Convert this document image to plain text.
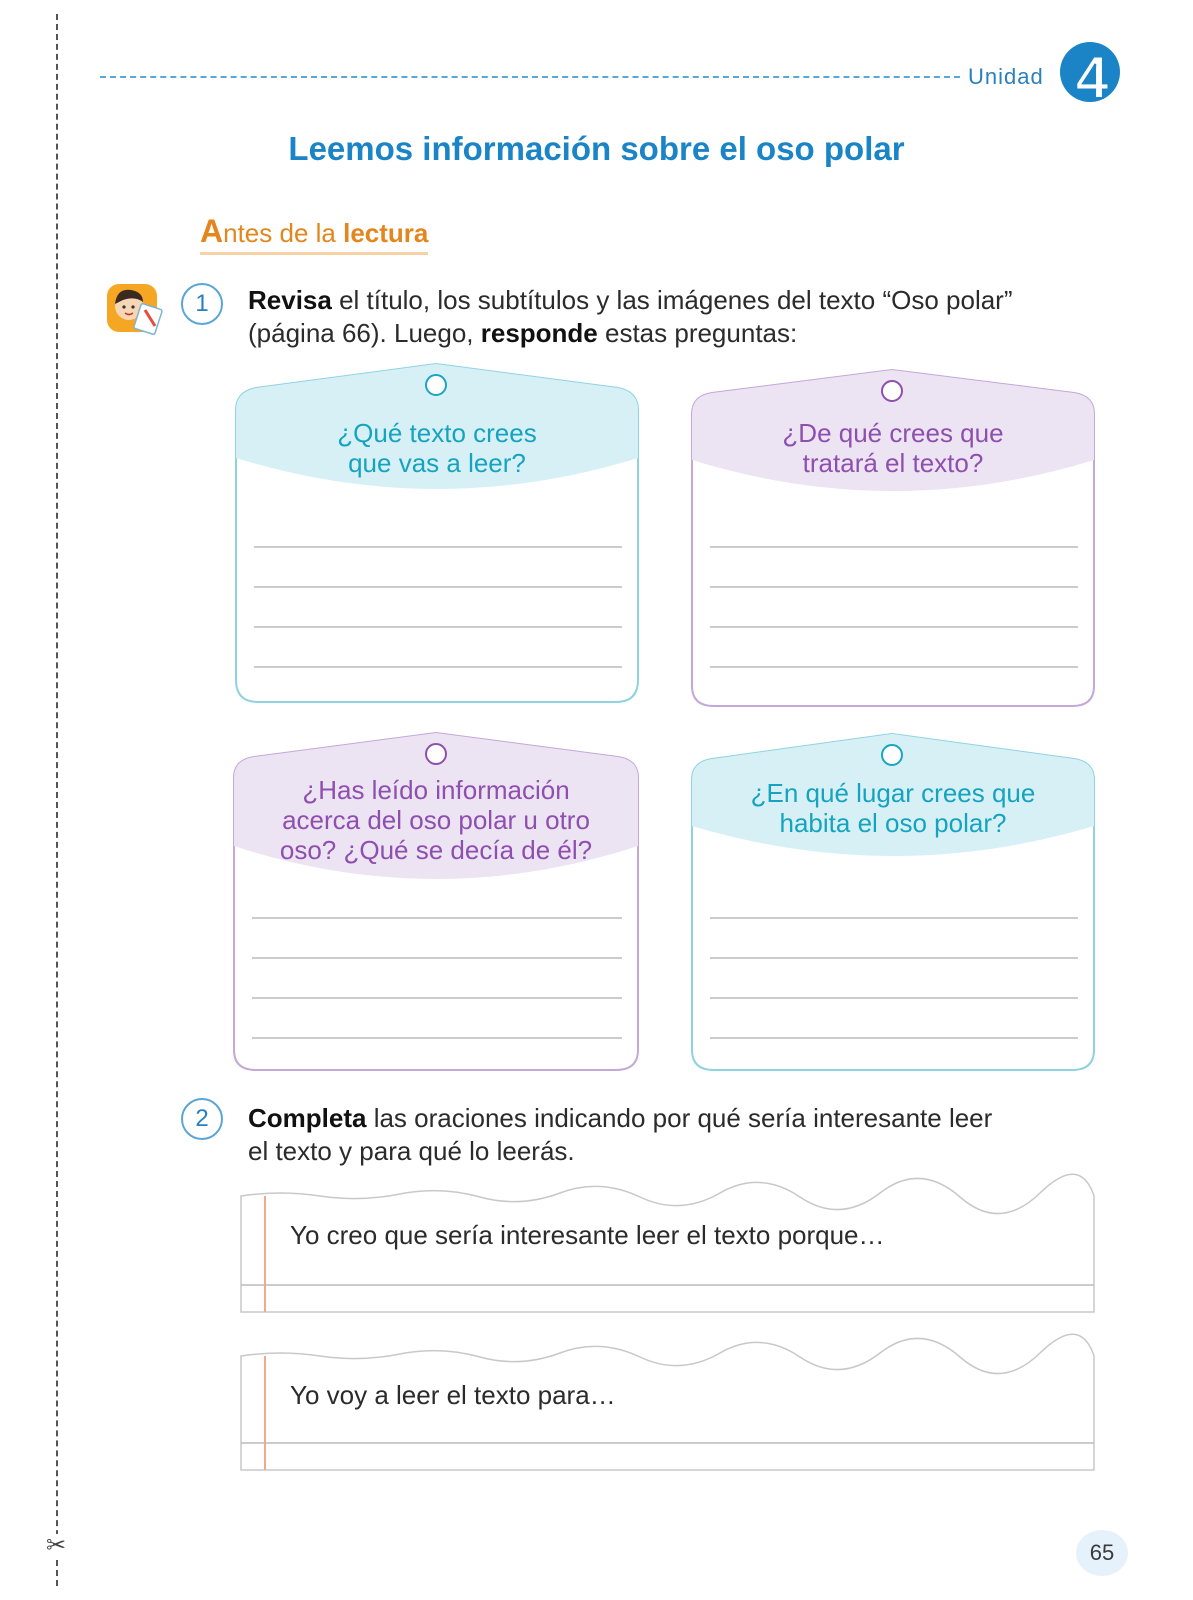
✂
Unidad 4
Leemos información sobre el oso polar
Antes de la lectura
1	Revisa el título, los subtítulos y las imágenes del texto “Oso polar”
(página 66). Luego, responde estas preguntas:
¿Qué texto crees
que vas a leer?
¿De qué crees que
tratará el texto?
¿Has leído información
acerca del oso polar u otro
oso? ¿Qué se decía de él?
¿En qué lugar crees que
habita el oso polar?
2	Completa las oraciones indicando por qué sería interesante leer
el texto y para qué lo leerás.
Yo creo que sería interesante leer el texto porque…
Yo voy a leer el texto para…
65
